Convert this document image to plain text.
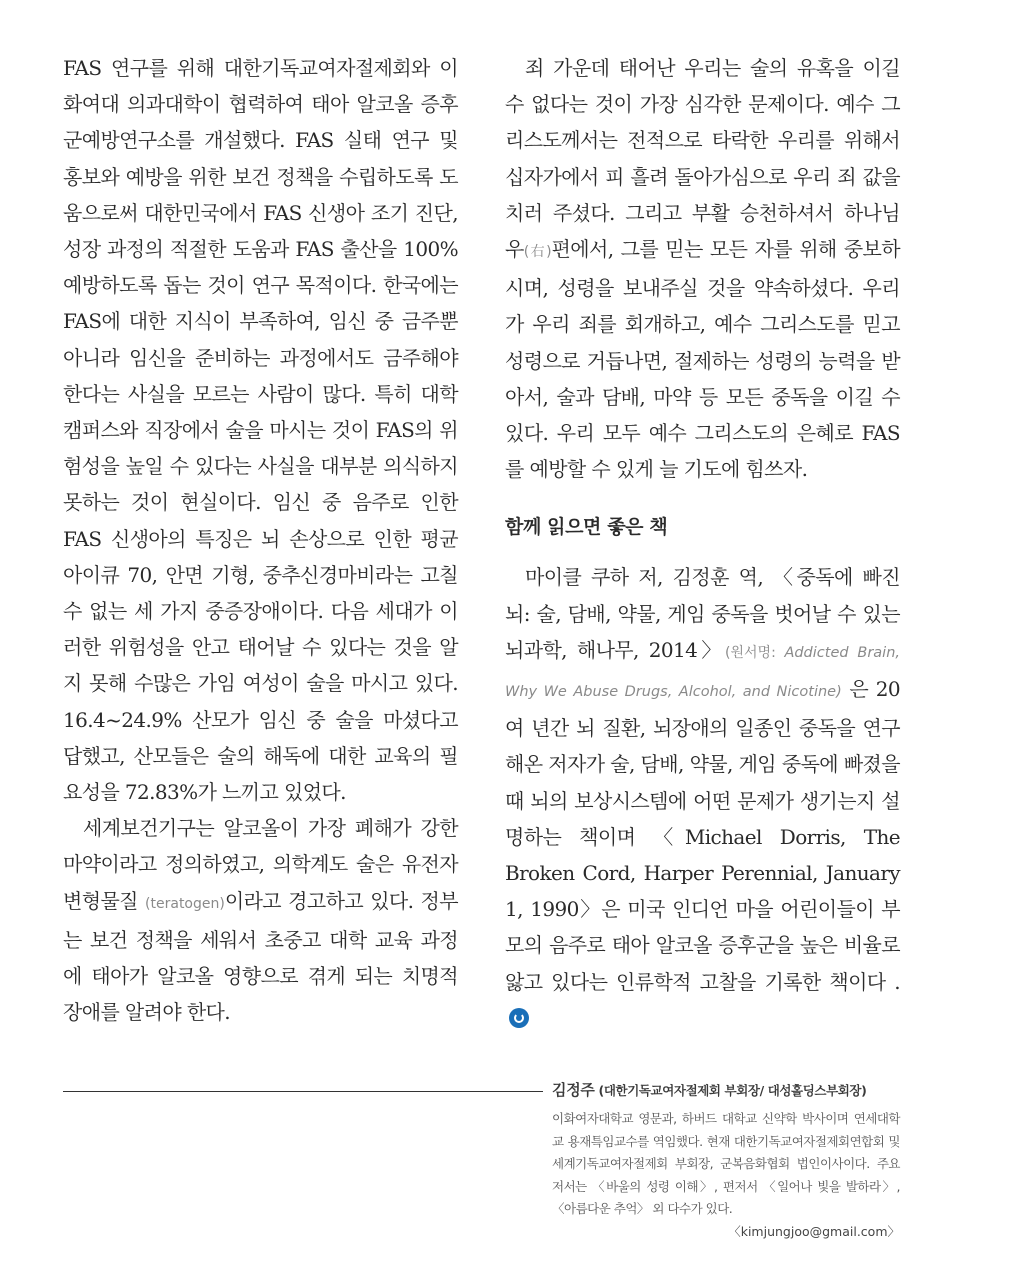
FAS 연구를 위해 대한기독교여자절제회와 이화여대 의과대학이 협력하여 태아 알코올 증후군예방연구소를 개설했다. FAS 실태 연구 및 홍보와 예방을 위한 보건 정책을 수립하도록 도움으로써 대한민국에서 FAS 신생아 조기 진단, 성장 과정의 적절한 도움과 FAS 출산을 100% 예방하도록 돕는 것이 연구 목적이다. 한국에는 FAS에 대한 지식이 부족하여, 임신 중 금주뿐 아니라 임신을 준비하는 과정에서도 금주해야 한다는 사실을 모르는 사람이 많다. 특히 대학 캠퍼스와 직장에서 술을 마시는 것이 FAS의 위험성을 높일 수 있다는 사실을 대부분 의식하지 못하는 것이 현실이다. 임신 중 음주로 인한 FAS 신생아의 특징은 뇌 손상으로 인한 평균 아이큐 70, 안면 기형, 중추신경마비라는 고칠 수 없는 세 가지 중증장애이다. 다음 세대가 이러한 위험성을 안고 태어날 수 있다는 것을 알지 못해 수많은 가임 여성이 술을 마시고 있다. 16.4~24.9% 산모가 임신 중 술을 마셨다고 답했고, 산모들은 술의 해독에 대한 교육의 필요성을 72.83%가 느끼고 있었다.

세계보건기구는 알코올이 가장 폐해가 강한 마약이라고 정의하였고, 의학계도 술은 유전자변형물질 (teratogen)이라고 경고하고 있다. 정부는 보건 정책을 세워서 초중고 대학 교육 과정에 태아가 알코올 영향으로 겪게 되는 치명적 장애를 알려야 한다.

죄 가운데 태어난 우리는 술의 유혹을 이길 수 없다는 것이 가장 심각한 문제이다. 예수 그리스도께서는 전적으로 타락한 우리를 위해서 십자가에서 피 흘려 돌아가심으로 우리 죄 값을 치러 주셨다. 그리고 부활 승천하셔서 하나님 우(右)편에서, 그를 믿는 모든 자를 위해 중보하시며, 성령을 보내주실 것을 약속하셨다. 우리가 우리 죄를 회개하고, 예수 그리스도를 믿고 성령으로 거듭나면, 절제하는 성령의 능력을 받아서, 술과 담배, 마약 등 모든 중독을 이길 수 있다. 우리 모두 예수 그리스도의 은혜로 FAS를 예방할 수 있게 늘 기도에 힘쓰자.

함께 읽으면 좋은 책

마이클 쿠하 저, 김정훈 역, 〈중독에 빠진 뇌: 술, 담배, 약물, 게임 중독을 벗어날 수 있는 뇌과학, 해나무, 2014〉(원서명: Addicted Brain, Why We Abuse Drugs, Alcohol, and Nicotine) 은 20여 년간 뇌 질환, 뇌장애의 일종인 중독을 연구해온 저자가 술, 담배, 약물, 게임 중독에 빠졌을 때 뇌의 보상시스템에 어떤 문제가 생기는지 설명하는 책이며 〈Michael Dorris, The Broken Cord, Harper Perennial, January 1, 1990〉은 미국 인디언 마을 어린이들이 부모의 음주로 태아 알코올 증후군을 높은 비율로 앓고 있다는 인류학적 고찰을 기록한 책이다 .

김정주 (대한기독교여자절제회 부회장/ 대성홀딩스부회장)
이화여자대학교 영문과, 하버드 대학교 신약학 박사이며 연세대학교 용재특임교수를 역임했다. 현재 대한기독교여자절제회연합회 및 세계기독교여자절제회 부회장, 군복음화협회 법인이사이다. 주요 저서는 〈바울의 성령 이해〉, 편저서 〈일어나 빛을 발하라〉, 〈아름다운 추억〉 외 다수가 있다.
〈kimjungjoo@gmail.com〉
